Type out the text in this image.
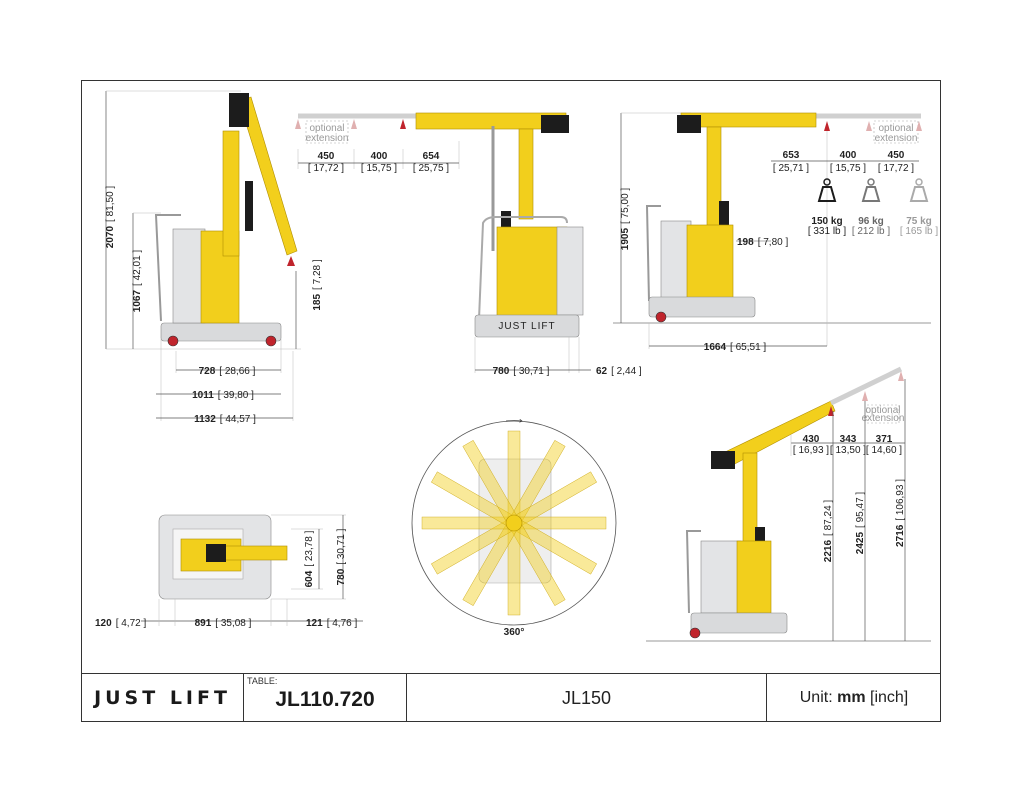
2070[ 81,50 ]
1067[ 42,01 ]
185[ 7,28 ]
728 [ 28,66 ]
1011 [ 39,80 ]
1132 [ 44,57 ]
optional
extension
JUST LIFT
450
[ 17,72 ]
400
[ 15,75 ]
654
[ 25,75 ]
780 [ 30,71 ]	62 [ 2,44 ]
optional
extension
1905[ 75,00 ]
653
[ 25,71 ]
400
[ 15,75 ]
450
[ 17,72 ]
198 [ 7,80 ]
1664 [ 65,51 ]
150 kg
[ 331 lb ]
96 kg
[ 212 lb ]
75 kg
[ 165 lb ]
604[ 23,78 ]
780[ 30,71 ]
120 [ 4,72 ]	891 [ 35,08 ]	121 [ 4,76 ]
360°
optional
extension
430
[ 16,93 ]
343
[ 13,50 ]
371
[ 14,60 ]
2216[ 87,24 ]
2425[ 95,47 ]
2716[ 106,93 ]
JUST LIFT
TABLE:
JL110.720	JL150	Unit: mm [inch]
